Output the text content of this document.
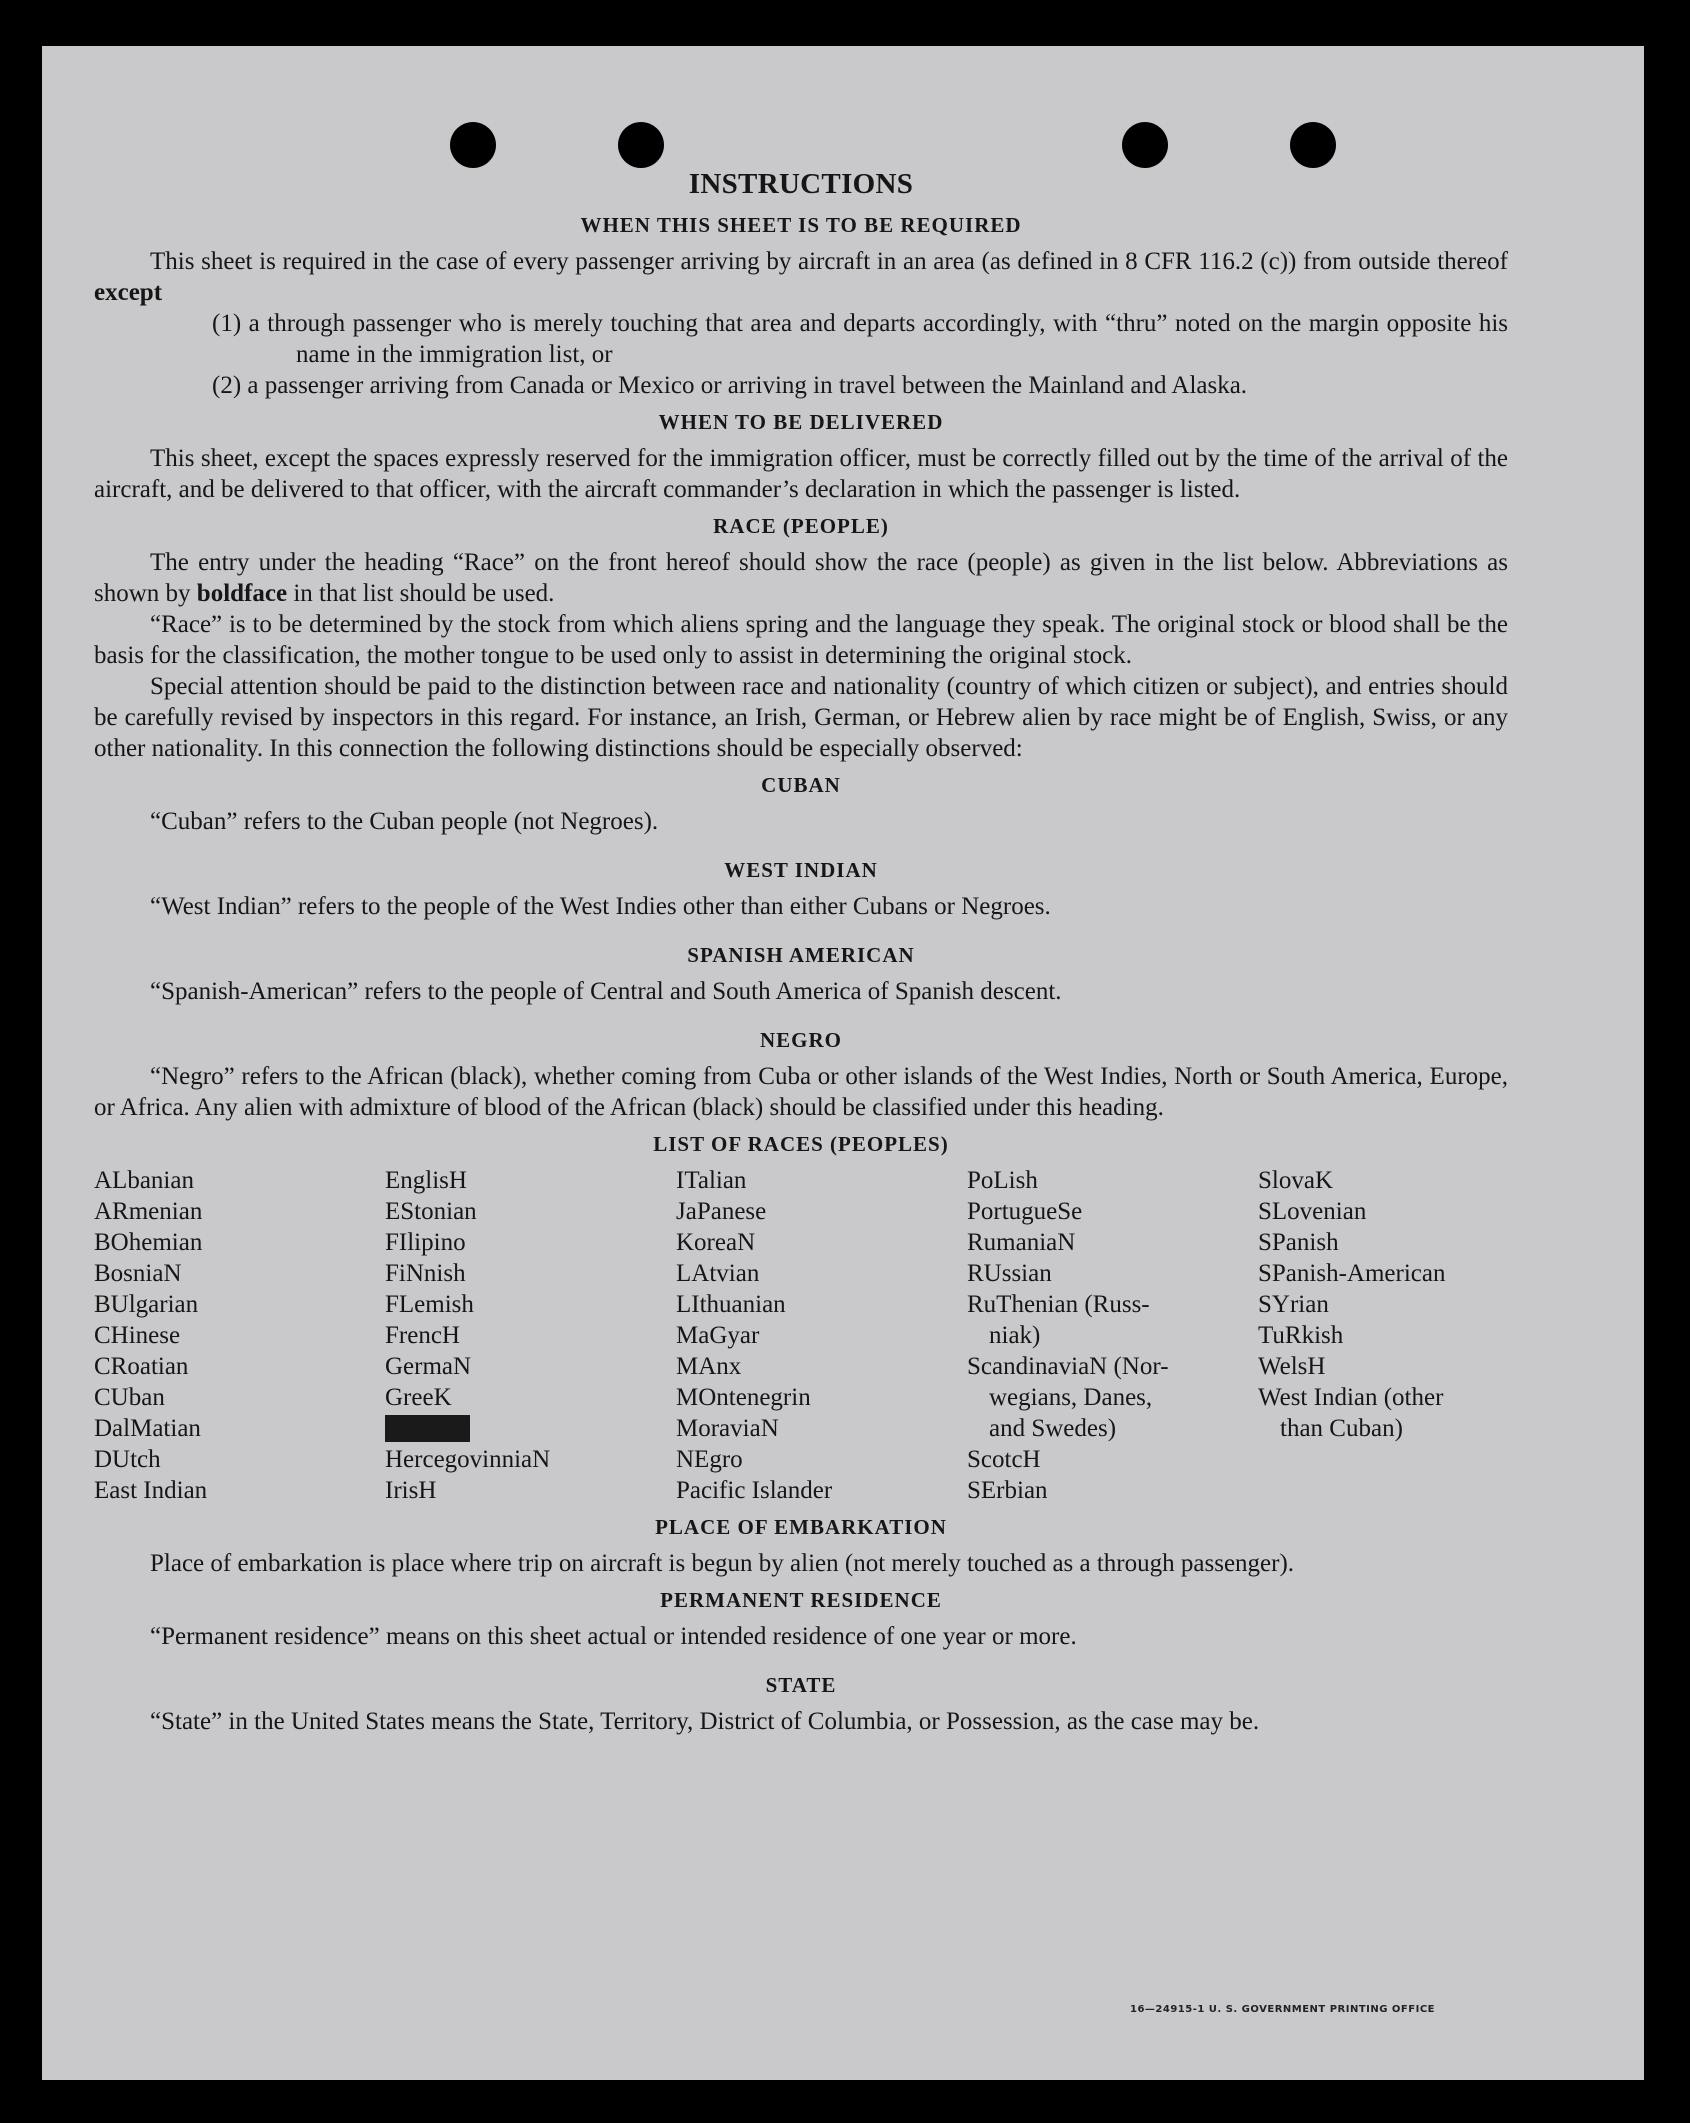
INSTRUCTIONS
WHEN THIS SHEET IS TO BE REQUIRED

This sheet is required in the case of every passenger arriving by aircraft in an area (as defined in 8 CFR 116.2 (c)) from outside thereof except

(1) a through passenger who is merely touching that area and departs accordingly, with “thru” noted on the margin opposite his name in the immigration list, or

(2) a passenger arriving from Canada or Mexico or arriving in travel between the Mainland and Alaska.

WHEN TO BE DELIVERED

This sheet, except the spaces expressly reserved for the immigration officer, must be correctly filled out by the time of the arrival of the aircraft, and be delivered to that officer, with the aircraft commander’s declaration in which the passenger is listed.

RACE (PEOPLE)

The entry under the heading “Race” on the front hereof should show the race (people) as given in the list below. Abbreviations as shown by boldface in that list should be used.

“Race” is to be determined by the stock from which aliens spring and the language they speak. The original stock or blood shall be the basis for the classification, the mother tongue to be used only to assist in determining the original stock.

Special attention should be paid to the distinction between race and nationality (country of which citizen or subject), and entries should be carefully revised by inspectors in this regard. For instance, an Irish, German, or Hebrew alien by race might be of English, Swiss, or any other nationality. In this connection the following distinctions should be especially observed:

CUBAN

“Cuban” refers to the Cuban people (not Negroes).

WEST INDIAN

“West Indian” refers to the people of the West Indies other than either Cubans or Negroes.

SPANISH AMERICAN

“Spanish-American” refers to the people of Central and South America of Spanish descent.

NEGRO

“Negro” refers to the African (black), whether coming from Cuba or other islands of the West Indies, North or South America, Europe, or Africa. Any alien with admixture of blood of the African (black) should be classified under this heading.

LIST OF RACES (PEOPLES)
ALbanian
ARmenian
BOhemian
BosniaN
BUlgarian
CHinese
CRoatian
CUban
DalMatian
DUtch
East Indian
EnglisH
EStonian
FIlipino
FiNnish
FLemish
FrencH
GermaN
GreeK
HebreW
HercegovinniaN
IrisH
ITalian
JaPanese
KoreaN
LAtvian
LIthuanian
MaGyar
MAnx
MOntenegrin
MoraviaN
NEgro
Pacific Islander
PoLish
PortugueSe
RumaniaN
RUssian
RuThenian (Russ-
niak)
ScandinaviaN (Nor-
wegians, Danes,
and Swedes)
ScotcH
SErbian
SlovaK
SLovenian
SPanish
SPanish-American
SYrian
TuRkish
WelsH
West Indian (other
than Cuban)
PLACE OF EMBARKATION

Place of embarkation is place where trip on aircraft is begun by alien (not merely touched as a through passenger).

PERMANENT RESIDENCE

“Permanent residence” means on this sheet actual or intended residence of one year or more.

STATE

“State” in the United States means the State, Territory, District of Columbia, or Possession, as the case may be.

16—24915-1 U. S. GOVERNMENT PRINTING OFFICE
